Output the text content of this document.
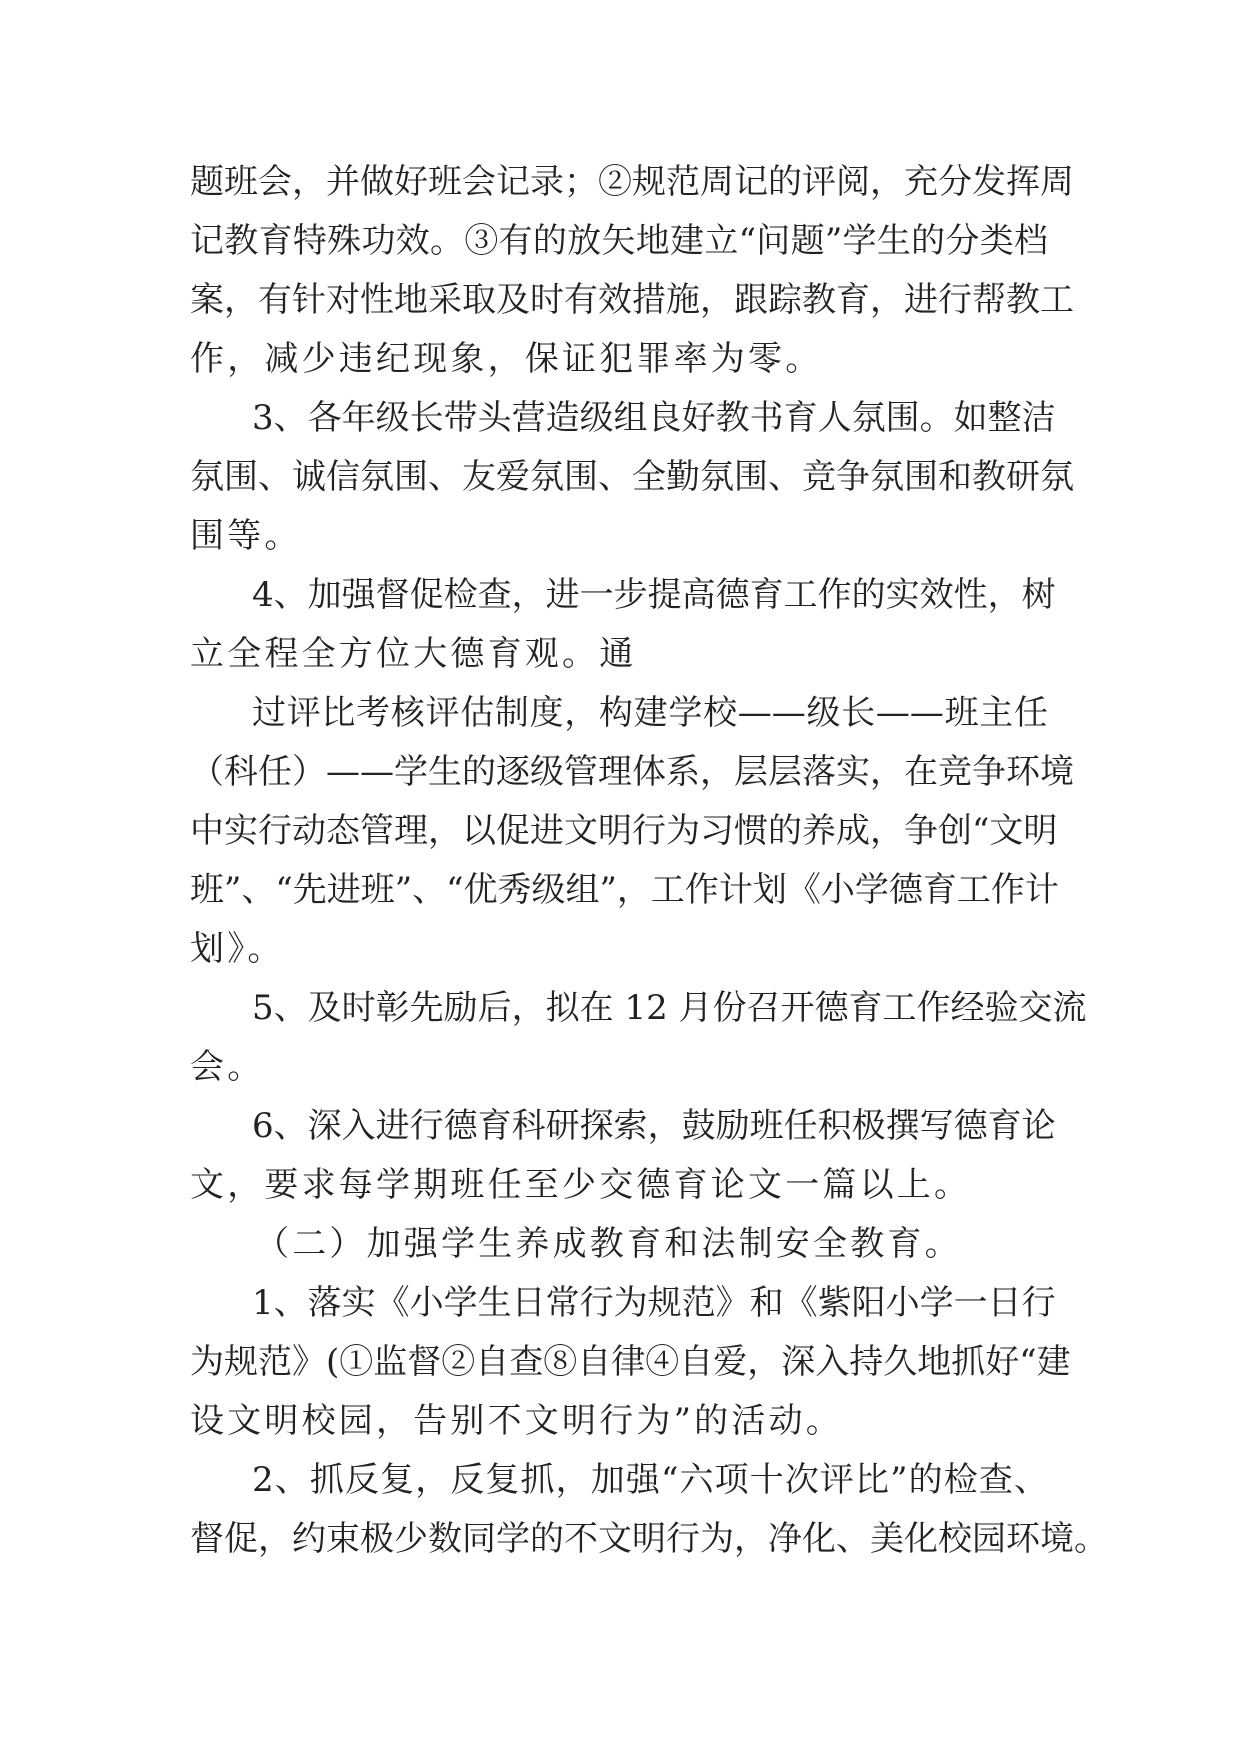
题班会，并做好班会记录；②规范周记的评阅，充分发挥周
记教育特殊功效。③有的放矢地建立“问题”学生的分类档
案，有针对性地采取及时有效措施，跟踪教育，进行帮教工
作，减少违纪现象，保证犯罪率为零。
3、各年级长带头营造级组良好教书育人氛围。如整洁
氛围、诚信氛围、友爱氛围、全勤氛围、竞争氛围和教研氛
围等。
4、加强督促检查，进一步提高德育工作的实效性，树
立全程全方位大德育观。通
过评比考核评估制度，构建学校——级长——班主任
（科任）——学生的逐级管理体系，层层落实，在竞争环境
中实行动态管理，以促进文明行为习惯的养成，争创“文明
班”、“先进班”、“优秀级组”，工作计划《小学德育工作计
划》。
5、及时彰先励后，拟在 12 月份召开德育工作经验交流
会。
6、深入进行德育科研探索，鼓励班任积极撰写德育论
文，要求每学期班任至少交德育论文一篇以上。
（二）加强学生养成教育和法制安全教育。
1、落实《小学生日常行为规范》和《紫阳小学一日行
为规范》(①监督②自查⑧自律④自爱，深入持久地抓好“建
设文明校园，告别不文明行为”的活动。
2、抓反复，反复抓，加强“六项十次评比”的检查、
督促，约束极少数同学的不文明行为，净化、美化校园环境。
